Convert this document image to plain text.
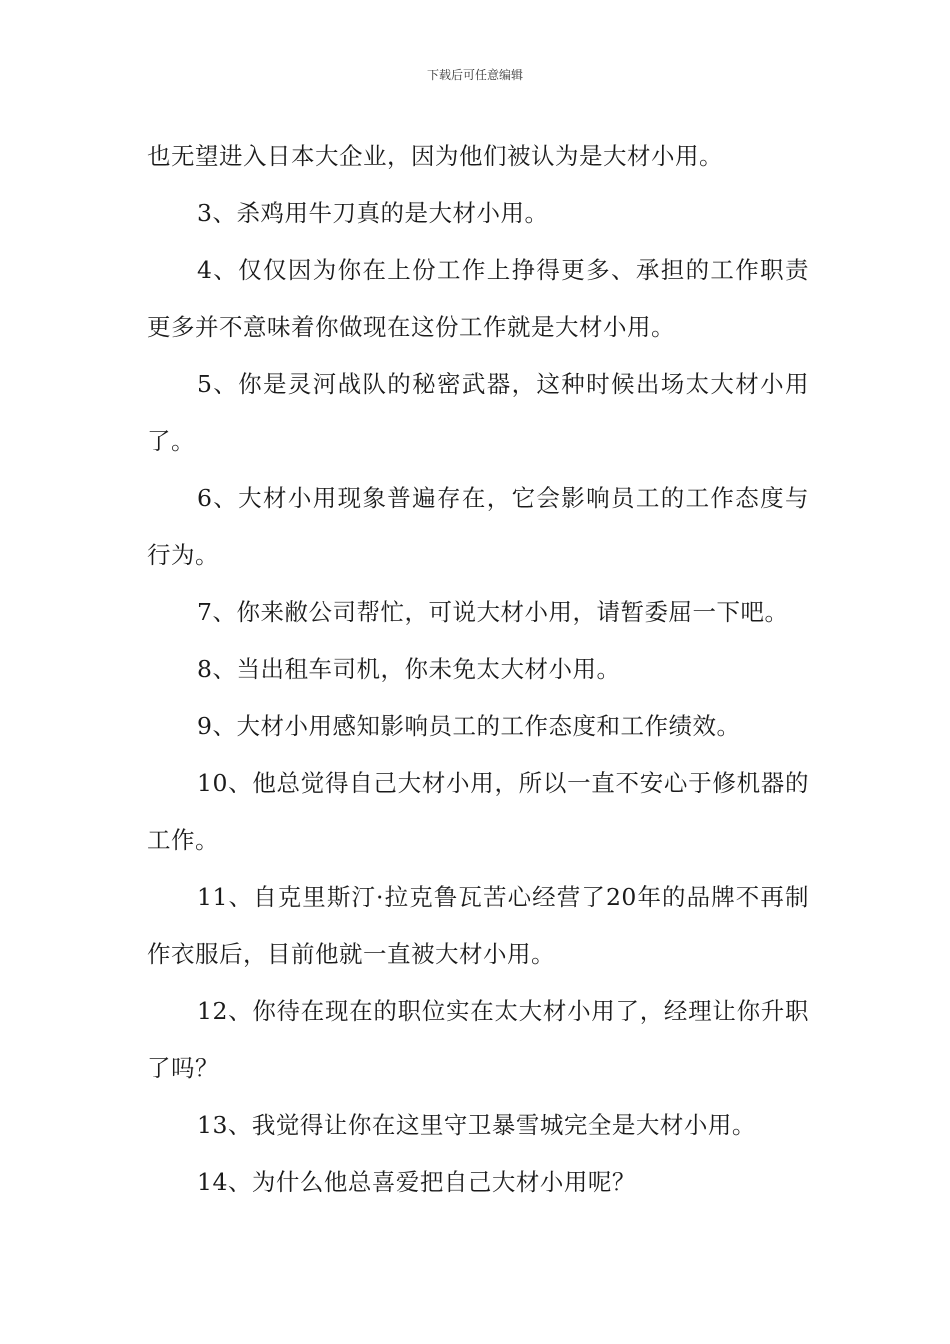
下载后可任意编辑

也无望进入日本大企业，因为他们被认为是大材小用。

3、杀鸡用牛刀真的是大材小用。

4、仅仅因为你在上份工作上挣得更多、承担的工作职责更多并不意味着你做现在这份工作就是大材小用。

5、你是灵河战队的秘密武器，这种时候出场太大材小用了。

6、大材小用现象普遍存在，它会影响员工的工作态度与行为。

7、你来敝公司帮忙，可说大材小用，请暂委屈一下吧。

8、当出租车司机，你未免太大材小用。

9、大材小用感知影响员工的工作态度和工作绩效。

10、他总觉得自己大材小用，所以一直不安心于修机器的工作。

11、自克里斯汀·拉克鲁瓦苦心经营了20年的品牌不再制作衣服后，目前他就一直被大材小用。

12、你待在现在的职位实在太大材小用了，经理让你升职了吗？

13、我觉得让你在这里守卫暴雪城完全是大材小用。

14、为什么他总喜爱把自己大材小用呢？
